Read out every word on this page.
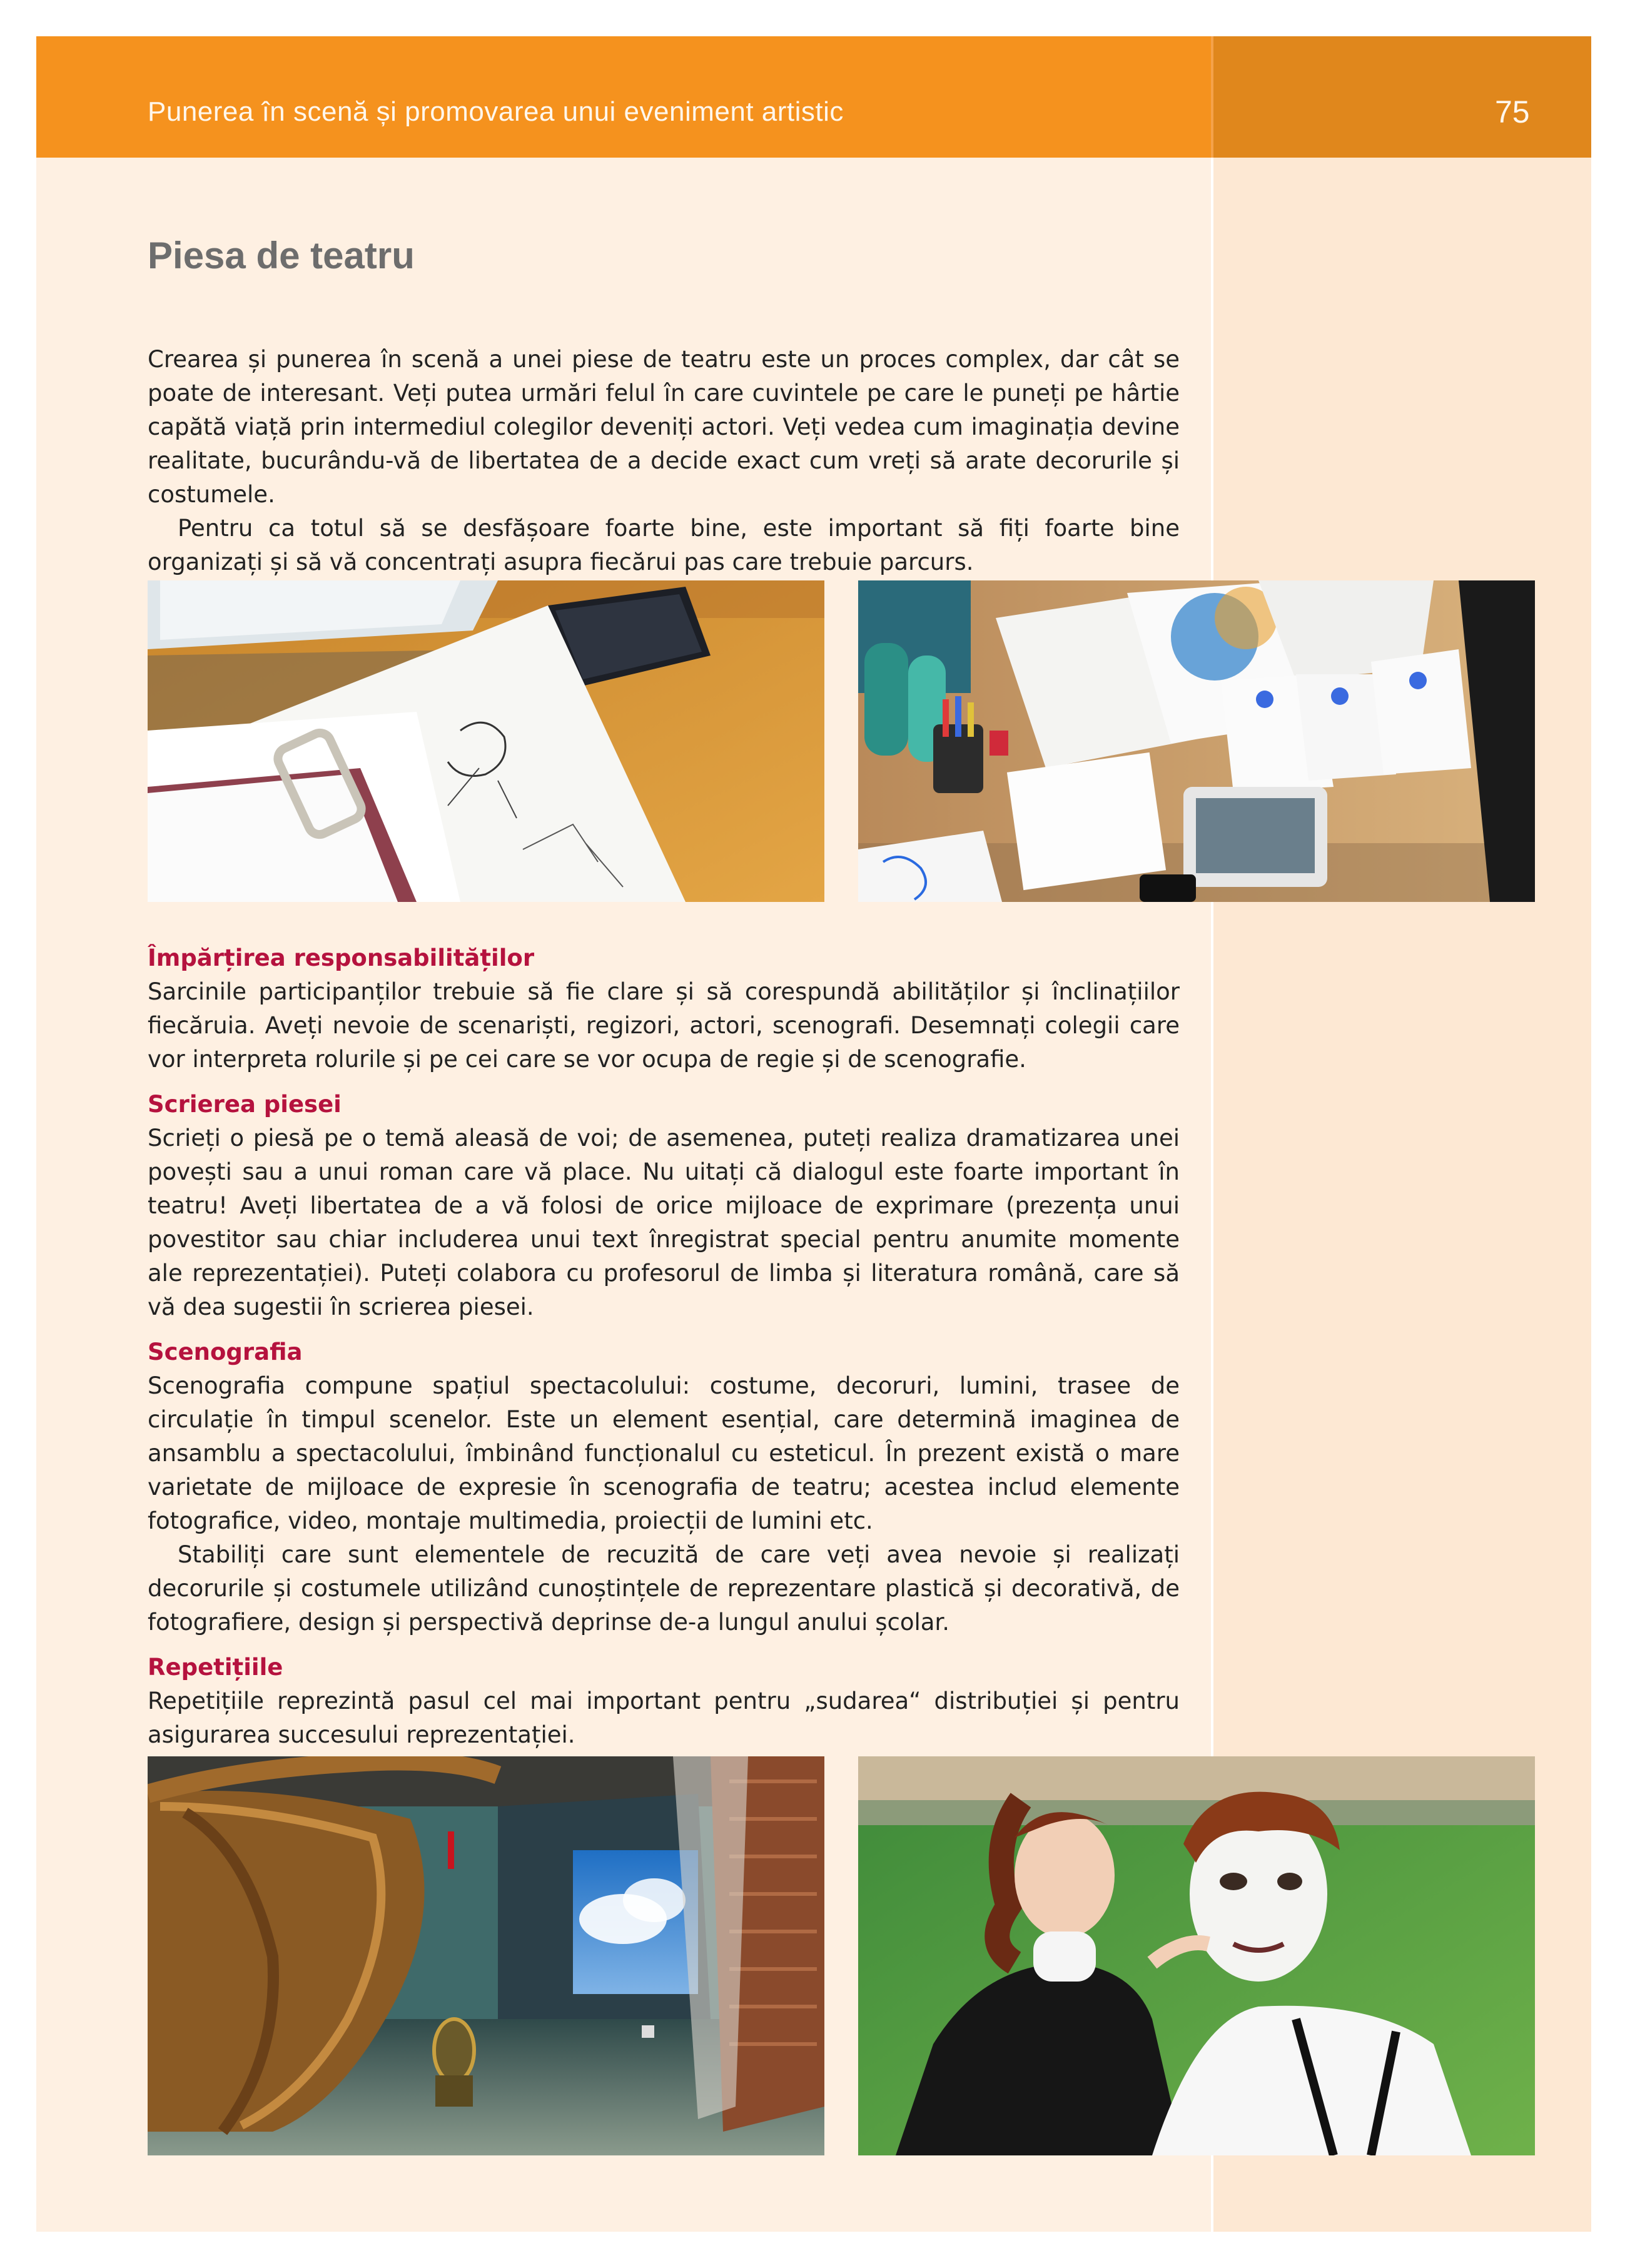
Punerea în scenă și promovarea unui eveniment artistic	75
Piesa de teatru

Crearea și punerea în scenă a unei piese de teatru este un proces complex, dar cât se poate de interesant. Veți putea urmări felul în care cuvintele pe care le puneți pe hârtie capătă viață prin intermediul colegilor deveniți actori. Veți vedea cum imaginația devine realitate, bucurându-vă de libertatea de a decide exact cum vreți să arate decorurile și costumele.

Pentru ca totul să se desfășoare foarte bine, este important să fiți foarte bine organizați și să vă concentrați asupra fiecărui pas care trebuie parcurs.

Împărțirea responsabilităților

Sarcinile participanților trebuie să fie clare și să corespundă abilităților și înclinațiilor fiecăruia. Aveți nevoie de scenariști, regizori, actori, scenografi. Desemnați colegii care vor interpreta rolurile și pe cei care se vor ocupa de regie și de scenografie.

Scrierea piesei

Scrieți o piesă pe o temă aleasă de voi; de asemenea, puteți realiza dramatizarea unei povești sau a unui roman care vă place. Nu uitați că dialogul este foarte important în teatru! Aveți libertatea de a vă folosi de orice mijloace de exprimare (prezența unui povestitor sau chiar includerea unui text înregistrat special pentru anumite momente ale reprezentației). Puteți colabora cu profesorul de limba și literatura română, care să vă dea sugestii în scrierea piesei.

Scenografia

Scenografia compune spațiul spectacolului: costume, decoruri, lumini, trasee de circulație în timpul scenelor. Este un element esențial, care determină imaginea de ansamblu a spectacolului, îmbinând funcționalul cu esteticul. În prezent există o mare varietate de mijloace de expresie în scenografia de teatru; acestea includ elemente fotografice, video, montaje multimedia, proiecții de lumini etc.

Stabiliți care sunt elementele de recuzită de care veți avea nevoie și realizați decorurile și costumele utilizând cunoștințele de reprezentare plastică și decorativă, de fotografiere, design și perspectivă deprinse de-a lungul anului școlar.

Repetițiile

Repetițiile reprezintă pasul cel mai important pentru „sudarea“ distribuției și pentru asigurarea succesului reprezentației.
